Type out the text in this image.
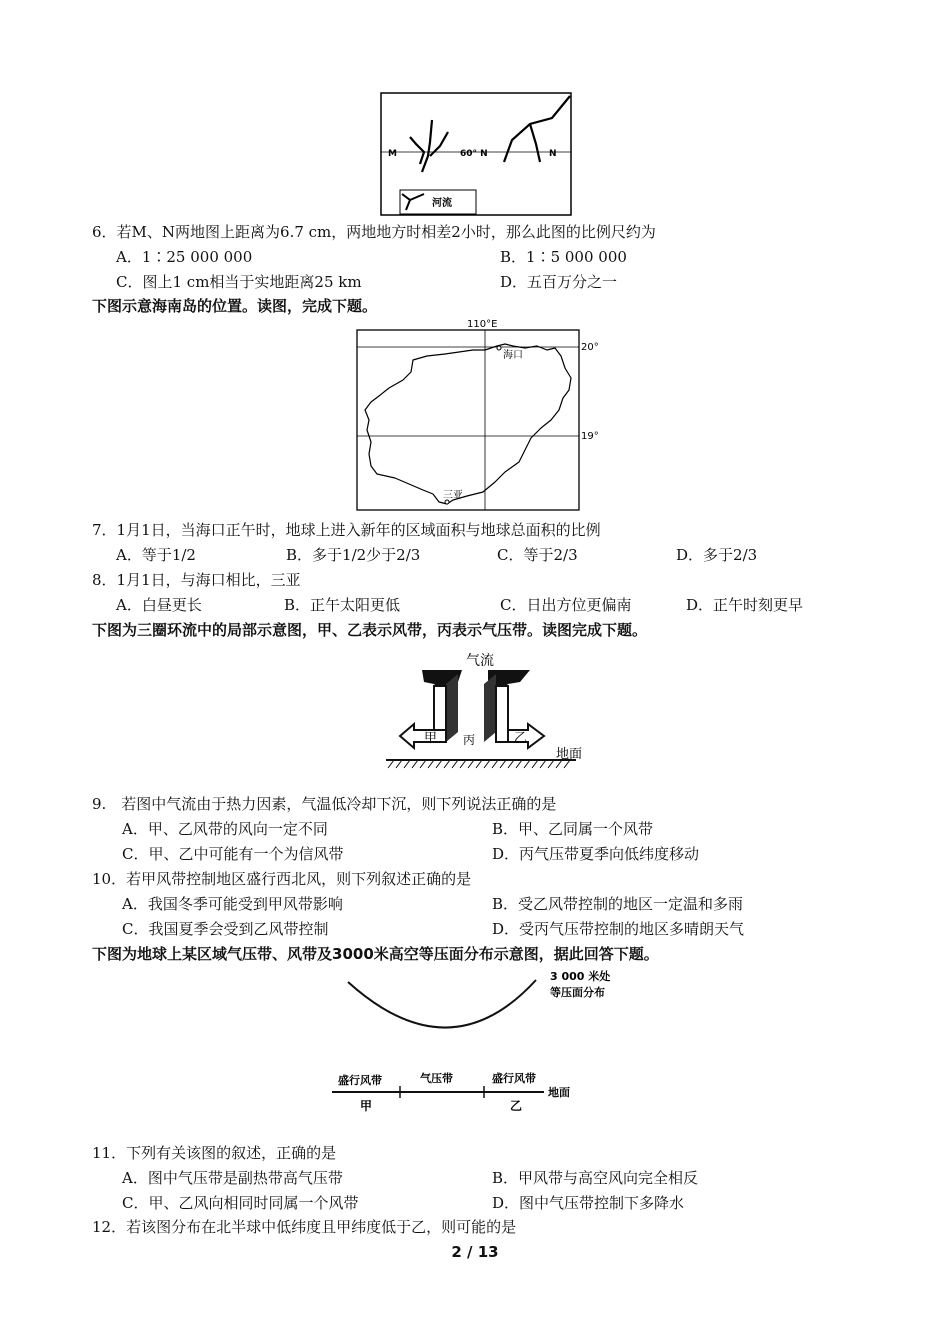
M	60° N	N
河流
6．若M、N两地图上距离为6.7 cm，两地地方时相差2小时，那么此图的比例尺约为
A．1∶25 000 000	B．1∶5 000 000
C．图上1 cm相当于实地距离25 km	D．五百万分之一
下图示意海南岛的位置。读图，完成下题。
110°E
20°
19°
海口
三亚
7．1月1日，当海口正午时，地球上进入新年的区域面积与地球总面积的比例
A．等于1/2	B．多于1/2少于2/3	C．等于2/3	D．多于2/3
8．1月1日，与海口相比，三亚
A．白昼更长	B．正午太阳更低	C．日出方位更偏南	D．正午时刻更早
下图为三圈环流中的局部示意图，甲、乙表示风带，丙表示气压带。读图完成下题。
气流
甲 丙	乙
地面
9.　若图中气流由于热力因素，气温低冷却下沉，则下列说法正确的是
A．甲、乙风带的风向一定不同	B．甲、乙同属一个风带
C．甲、乙中可能有一个为信风带	D．丙气压带夏季向低纬度移动
10．若甲风带控制地区盛行西北风，则下列叙述正确的是
A．我国冬季可能受到甲风带影响	B．受乙风带控制的地区一定温和多雨
C．我国夏季会受到乙风带控制	D．受丙气压带控制的地区多晴朗天气
下图为地球上某区域气压带、风带及3000米高空等压面分布示意图，据此回答下题。
3 000 米处
等压面分布
盛行风带	气压带	盛行风带
地面
甲	乙
11．下列有关该图的叙述，正确的是
A．图中气压带是副热带高气压带	B．甲风带与高空风向完全相反
C．甲、乙风向相同时同属一个风带	D．图中气压带控制下多降水
12．若该图分布在北半球中低纬度且甲纬度低于乙，则可能的是
2 / 13
